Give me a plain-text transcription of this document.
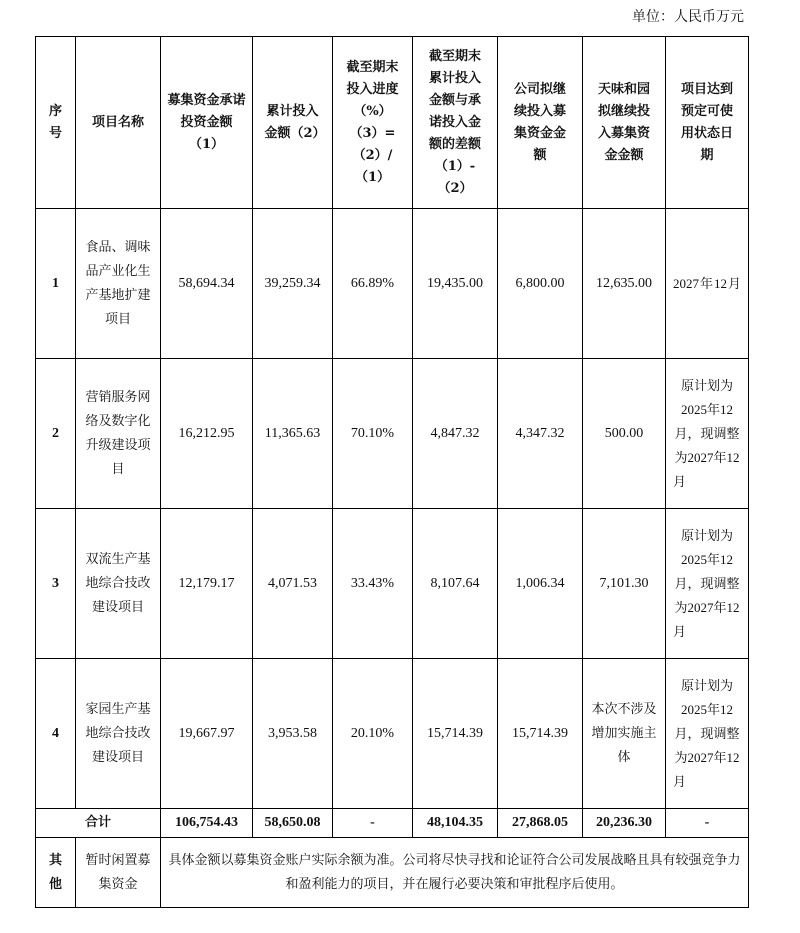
单位：人民币万元
序号	项目名称	募集资金承诺投资金额（1）	累计投入金额（2）	截至期末投入进度（%）（3）=（2）/（1）	截至期末累计投入金额与承诺投入金额的差额（1）-（2）	公司拟继续投入募集资金金额	天味和园拟继续投入募集资金金额	项目达到预定可使用状态日期
1	食品、调味品产业化生产基地扩建项目	58,694.34	39,259.34	66.89%	19,435.00	6,800.00	12,635.00	2027年12月

2	营销服务网络及数字化升级建设项目	16,212.95	11,365.63	70.10%	4,847.32	4,347.32	500.00	原计划为2025年12月，现调整为2027年12月

3	双流生产基地综合技改建设项目	12,179.17	4,071.53	33.43%	8,107.64	1,006.34	7,101.30	原计划为2025年12月，现调整为2027年12月

4	家园生产基地综合技改建设项目	19,667.97	3,953.58	20.10%	15,714.39	15,714.39	本次不涉及增加实施主体	原计划为2025年12月，现调整为2027年12月

合计		106,754.43	58,650.08	-	48,104.35	27,868.05	20,236.30	-
其他	暂时闲置募集资金	具体金额以募集资金账户实际余额为准。公司将尽快寻找和论证符合公司发展战略且具有较强竞争力和盈利能力的项目，并在履行必要决策和审批程序后使用。						
